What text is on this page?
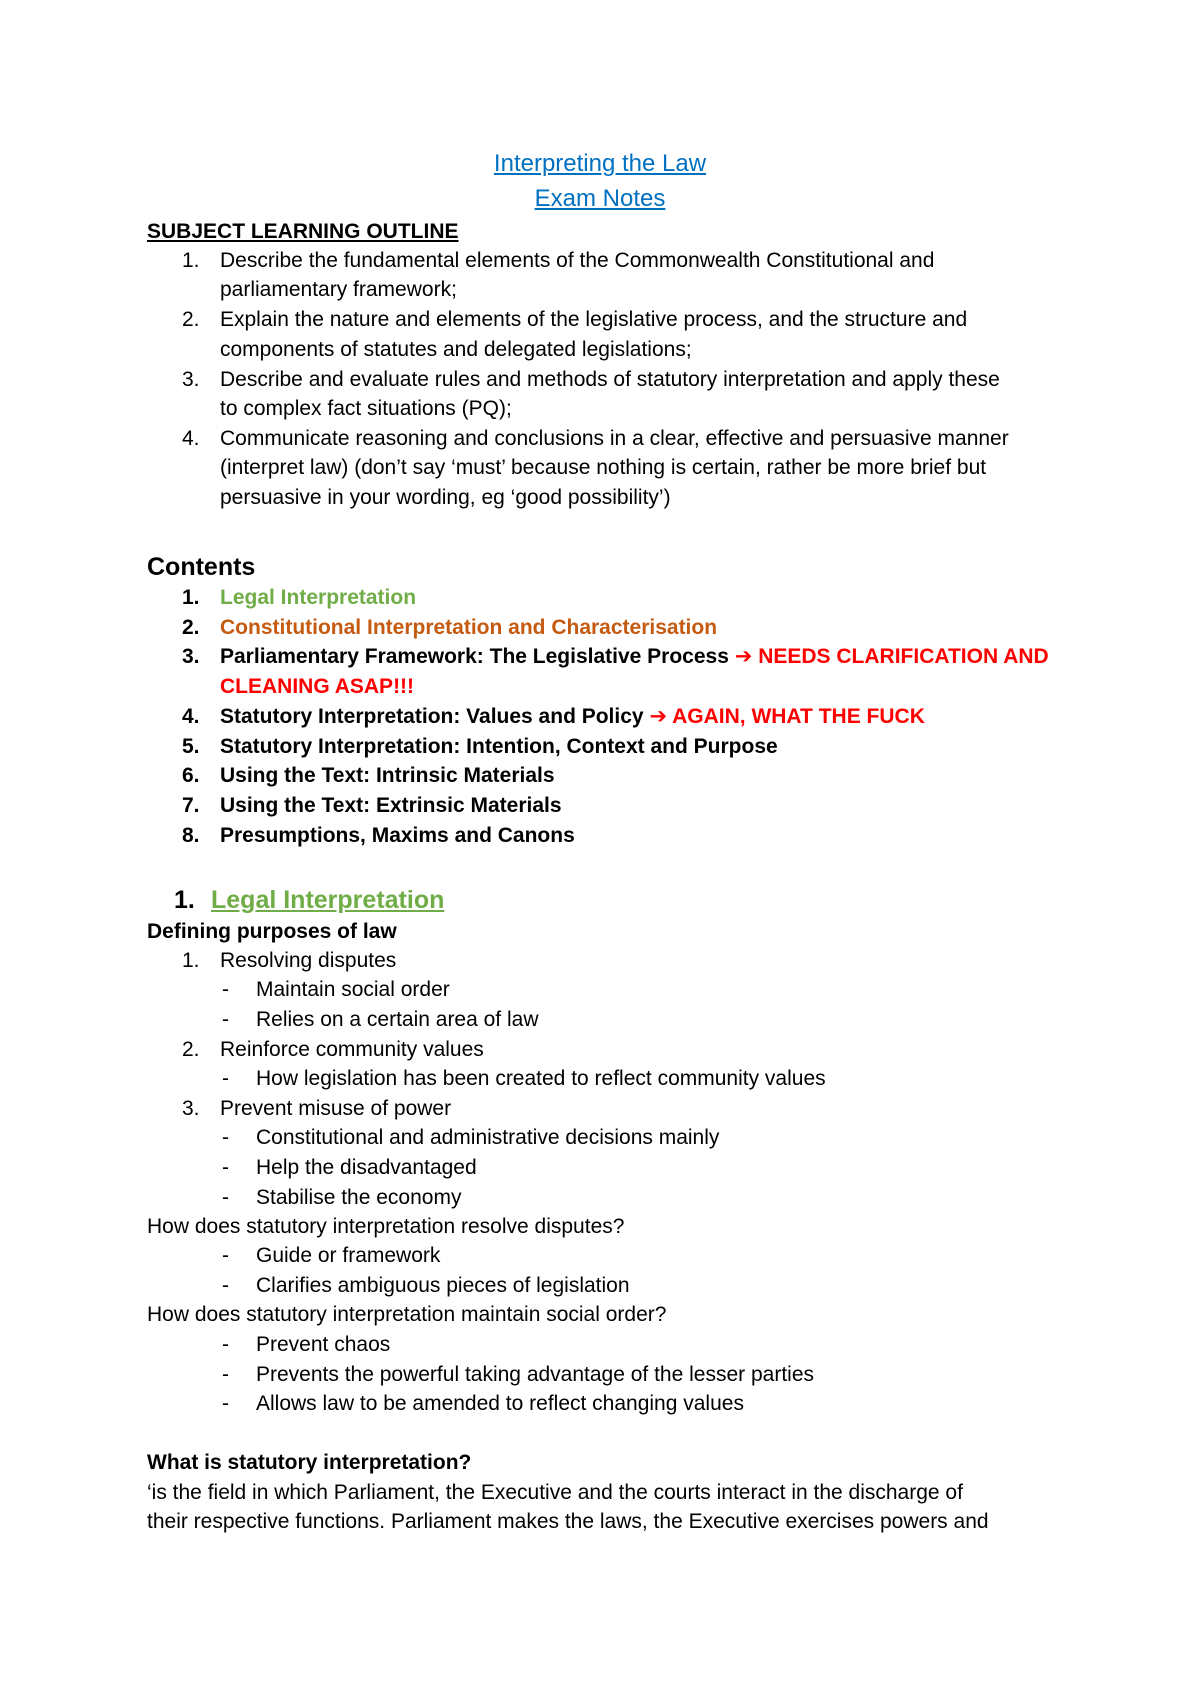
Interpreting the Law
Exam Notes
SUBJECT LEARNING OUTLINE
1. Describe the fundamental elements of the Commonwealth Constitutional and
parliamentary framework;
2. Explain the nature and elements of the legislative process, and the structure and
components of statutes and delegated legislations;
3. Describe and evaluate rules and methods of statutory interpretation and apply these
to complex fact situations (PQ);
4. Communicate reasoning and conclusions in a clear, effective and persuasive manner
(interpret law) (don’t say ‘must’ because nothing is certain, rather be more brief but
persuasive in your wording, eg ‘good possibility’)
Contents
1. Legal Interpretation
2. Constitutional Interpretation and Characterisation
3. Parliamentary Framework: The Legislative Process ➔ NEEDS CLARIFICATION AND
CLEANING ASAP!!!
4. Statutory Interpretation: Values and Policy ➔ AGAIN, WHAT THE FUCK
5. Statutory Interpretation: Intention, Context and Purpose
6. Using the Text: Intrinsic Materials
7. Using the Text: Extrinsic Materials
8. Presumptions, Maxims and Canons
1. Legal Interpretation
Defining purposes of law
1. Resolving disputes
- Maintain social order
- Relies on a certain area of law
2. Reinforce community values
- How legislation has been created to reflect community values
3. Prevent misuse of power
- Constitutional and administrative decisions mainly
- Help the disadvantaged
- Stabilise the economy
How does statutory interpretation resolve disputes?
- Guide or framework
- Clarifies ambiguous pieces of legislation
How does statutory interpretation maintain social order?
- Prevent chaos
- Prevents the powerful taking advantage of the lesser parties
- Allows law to be amended to reflect changing values
What is statutory interpretation?
‘is the field in which Parliament, the Executive and the courts interact in the discharge of
their respective functions. Parliament makes the laws, the Executive exercises powers and
